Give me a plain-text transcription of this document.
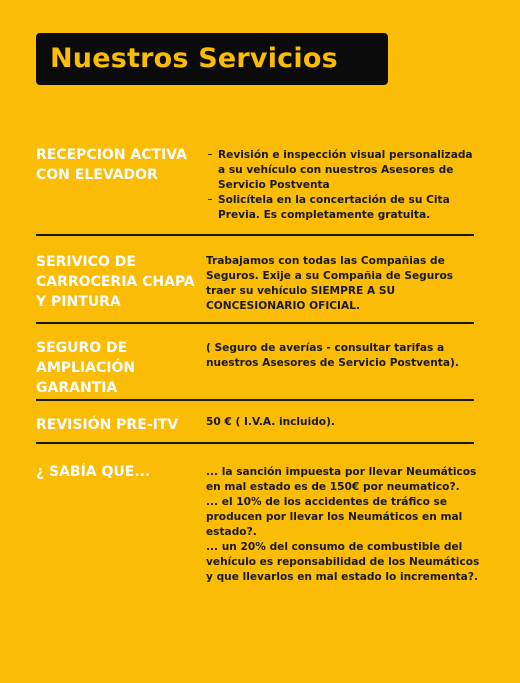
Nuestros Servicios
RECEPCION ACTIVA CON ELEVADOR
Revisión e inspección visual personalizada a su vehículo con nuestros Asesores de Servicio Postventa
Solicítela en la concertación de su Cita Previa. Es completamente gratuita.
SERIVICO DE CARROCERIA CHAPA Y PINTURA

Trabajamos con todas las Compañias de Seguros. Exije a su Compañia de Seguros traer su vehículo SIEMPRE A SU CONCESIONARIO OFICIAL.

SEGURO DE AMPLIACIÓN GARANTIA

( Seguro de averías - consultar tarifas a nuestros Asesores de Servicio Postventa).

REVISIÓN PRE-ITV	50 € ( I.V.A. incluido).

¿ SABÍA QUE...	... la sanción impuesta por llevar Neumáticos en mal estado es de 150€ por neumatico?.

... el 10% de los accidentes de tráfico se producen por llevar los Neumáticos en mal estado?.

... un 20% del consumo de combustible del vehículo es reponsabilidad de los Neumáticos y que llevarlos en mal estado lo incrementa?.
